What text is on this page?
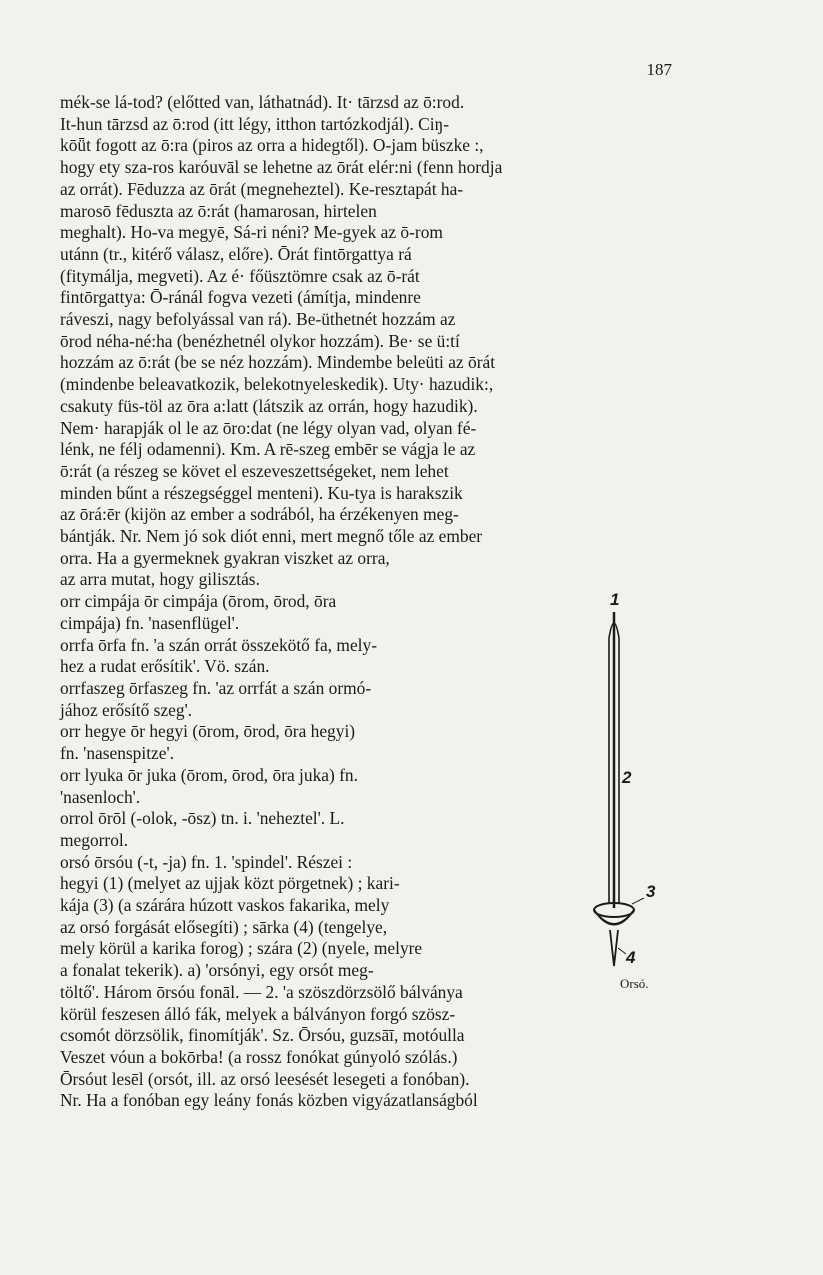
187
mék-se lá-tod? (előtted van, láthatnád). It· tārzsd az ō:rod.
It-hun tārzsd az ō:rod (itt légy, itthon tartózkodjál). Ciŋ-
kōǖt fogott az ō:ra (piros az orra a hidegtől). O-jam büszke :,
hogy ety sza-ros karóuvāl se lehetne az ōrát elér:ni (fenn hordja
az orrát). Fēduzza az ōrát (megneheztel). Ke-resztapát ha-
marosō fēduszta az ō:rát (hamarosan, hirtelen
meghalt). Ho-va megyē, Sá-ri néni? Me-gyek az ō-rom
utánn (tr., kitérő válasz, előre). Ōrát fintōrgattya rá
(fitymálja, megveti). Az é· főüsztömre csak az ō-rát
fintōrgattya: Ō-ránál fogva vezeti (ámítja, mindenre
ráveszi, nagy befolyással van rá). Be-üthetnét hozzám az
ōrod néha-né:ha (benézhetnél olykor hozzám). Be· se ü:tí
hozzám az ō:rát (be se néz hozzám). Mindembe beleüti az ōrát
(mindenbe beleavatkozik, belekotnyeleskedik). Uty· hazudik:,
csakuty füs-töl az ōra a:latt (látszik az orrán, hogy hazudik).
Nem· harapják ol le az ōro:dat (ne légy olyan vad, olyan fé-
lénk, ne félj odamenni). Km. A rē-szeg embēr se vágja le az
ō:rát (a részeg se követ el eszeveszettségeket, nem lehet
minden bűnt a részegséggel menteni). Ku-tya is harakszik
az ōrá:ēr (kijön az ember a sodrából, ha érzékenyen meg-
bántják. Nr. Nem jó sok diót enni, mert megnő tőle az ember
orra. Ha a gyermeknek gyakran viszket az orra,
az arra mutat, hogy gilisztás.
orr cimpája ōr cimpája (ōrom, ōrod, ōra
cimpája) fn. 'nasenflügel'.
orrfa ōrfa fn. 'a szán orrát összekötő fa, mely-
hez a rudat erősítik'. Vö. szán.
orrfaszeg ōrfaszeg fn. 'az orrfát a szán ormó-
jához erősítő szeg'.
orr hegye ōr hegyi (ōrom, ōrod, ōra hegyi)
fn. 'nasenspitze'.
orr lyuka ōr juka (ōrom, ōrod, ōra juka) fn.
'nasenloch'.
orrol ōrōl (-olok, -ōsz) tn. i. 'neheztel'. L.
megorrol.
orsó ōrsóu (-t, -ja) fn. 1. 'spindel'. Részei :
hegyi (1) (melyet az ujjak közt pörgetnek) ; kari-
kája (3) (a szárára húzott vaskos fakarika, mely
az orsó forgását elősegíti) ; sārka (4) (tengelye,
mely körül a karika forog) ; szára (2) (nyele, melyre
a fonalat tekerik). a) 'orsónyi, egy orsót meg-
töltő'. Három ōrsóu fonāl. — 2. 'a szöszdörzsölő bálványa
körül feszesen álló fák, melyek a bálványon forgó szösz-
csomót dörzsölik, finomítják'. Sz. Ōrsóu, guzsāī, motóulla
Veszet vóun a bokōrba! (a rossz fonókat gúnyoló szólás.)
Ōrsóut lesēl (orsót, ill. az orsó leesését lesegeti a fonóban).
Nr. Ha a fonóban egy leány fonás közben vigyázatlanságból
1
2
3
4
Orsó.
